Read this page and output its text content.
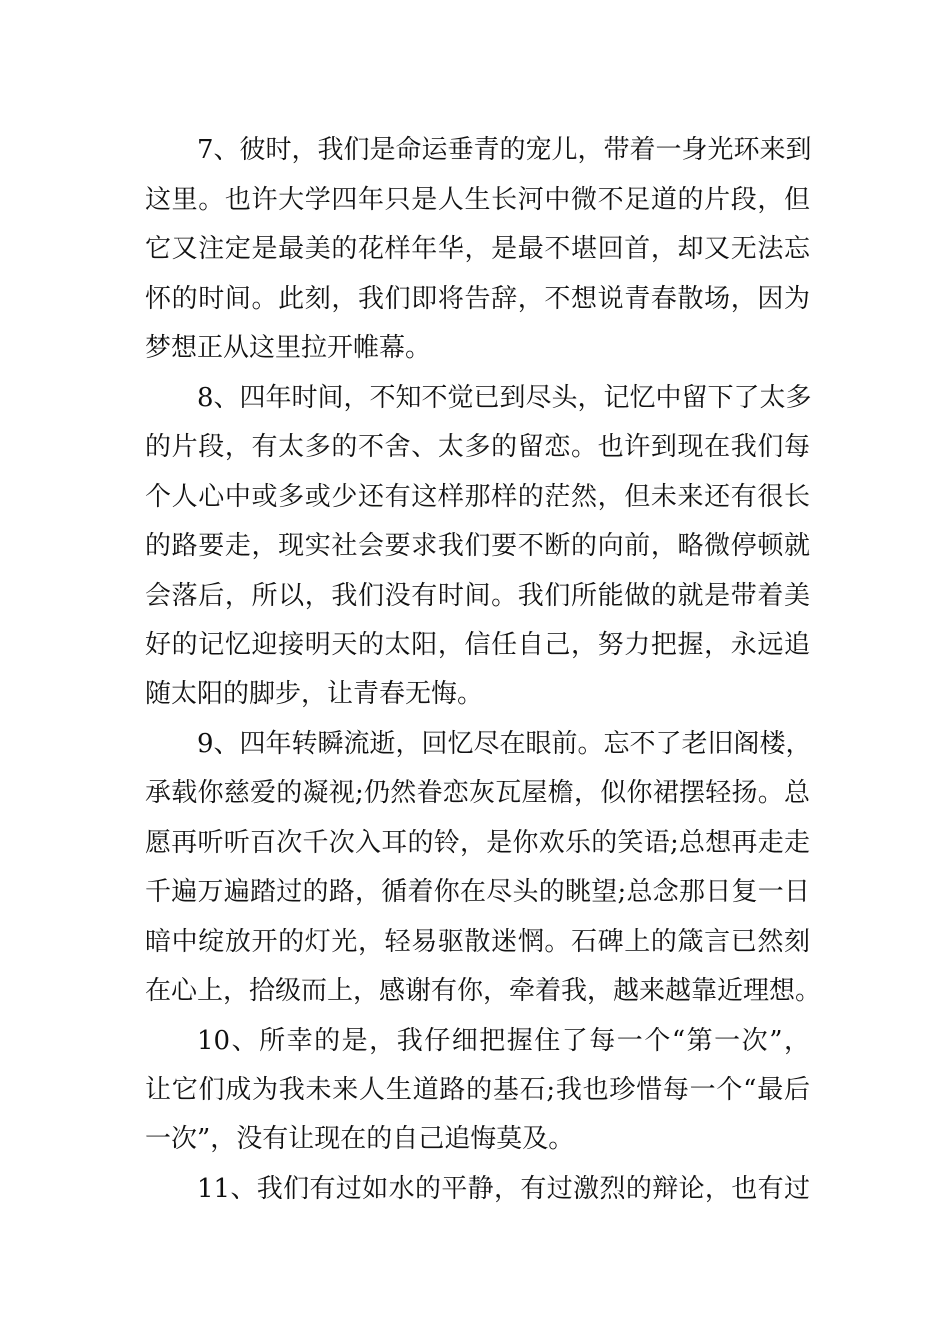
7、彼时，我们是命运垂青的宠儿，带着一身光环来到
这里。也许大学四年只是人生长河中微不足道的片段，但
它又注定是最美的花样年华，是最不堪回首，却又无法忘
怀的时间。此刻，我们即将告辞，不想说青春散场，因为
梦想正从这里拉开帷幕。
8、四年时间，不知不觉已到尽头，记忆中留下了太多
的片段，有太多的不舍、太多的留恋。也许到现在我们每
个人心中或多或少还有这样那样的茫然，但未来还有很长
的路要走，现实社会要求我们要不断的向前，略微停顿就
会落后，所以，我们没有时间。我们所能做的就是带着美
好的记忆迎接明天的太阳，信任自己，努力把握，永远追
随太阳的脚步，让青春无悔。
9、四年转瞬流逝，回忆尽在眼前。忘不了老旧阁楼，
承载你慈爱的凝视;仍然眷恋灰瓦屋檐，似你裙摆轻扬。总
愿再听听百次千次入耳的铃，是你欢乐的笑语;总想再走走
千遍万遍踏过的路，循着你在尽头的眺望;总念那日复一日
暗中绽放开的灯光，轻易驱散迷惘。石碑上的箴言已然刻
在心上，拾级而上，感谢有你，牵着我，越来越靠近理想。
10、所幸的是，我仔细把握住了每一个“第一次”，
让它们成为我未来人生道路的基石;我也珍惜每一个“最后
一次”，没有让现在的自己追悔莫及。
11、我们有过如水的平静，有过激烈的辩论，也有过
